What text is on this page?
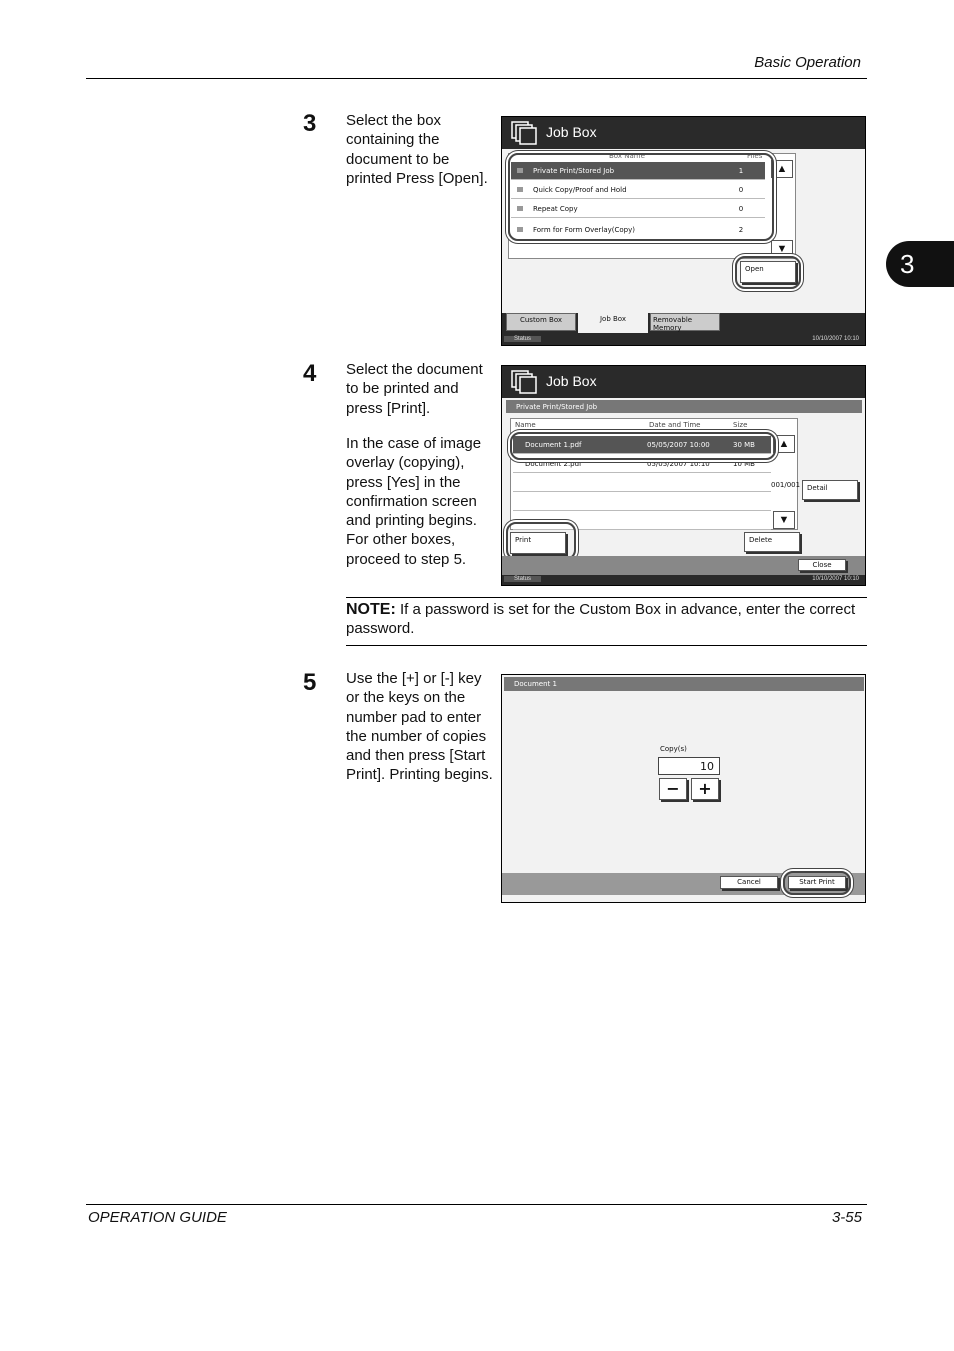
Basic Operation
3
3 Select the box containing the document to be printed Press [Open].
Job Box
Box Name	Files
Private Print/Stored Job	1
Quick Copy/Proof and Hold	0
Repeat Copy	0
Form for Form Overlay(Copy)	2
▲
▼
Open
Custom Box	Job Box	Removable Memory
Status	10/10/2007 10:10
4 Select the document to be printed and press [Print].
In the case of image overlay (copying), press [Yes] in the confirmation screen and printing begins. For other boxes, proceed to step 5.
Job Box
Private Print/Stored Job
Name	Date and Time	Size
Document 1.pdf	05/05/2007 10:00	30 MB
Document 2.pdf	05/05/2007 10:10	10 MB
▲
001/001
▼
Detail
Print	Delete
Close
Status	10/10/2007 10:10
NOTE: If a password is set for the Custom Box in advance, enter the correct password.
5 Use the [+] or [-] key or the keys on the number pad to enter the number of copies and then press [Start Print]. Printing begins.
Document 1
Copy(s)
10
−	+
Cancel	Start Print
OPERATION GUIDE	3-55
